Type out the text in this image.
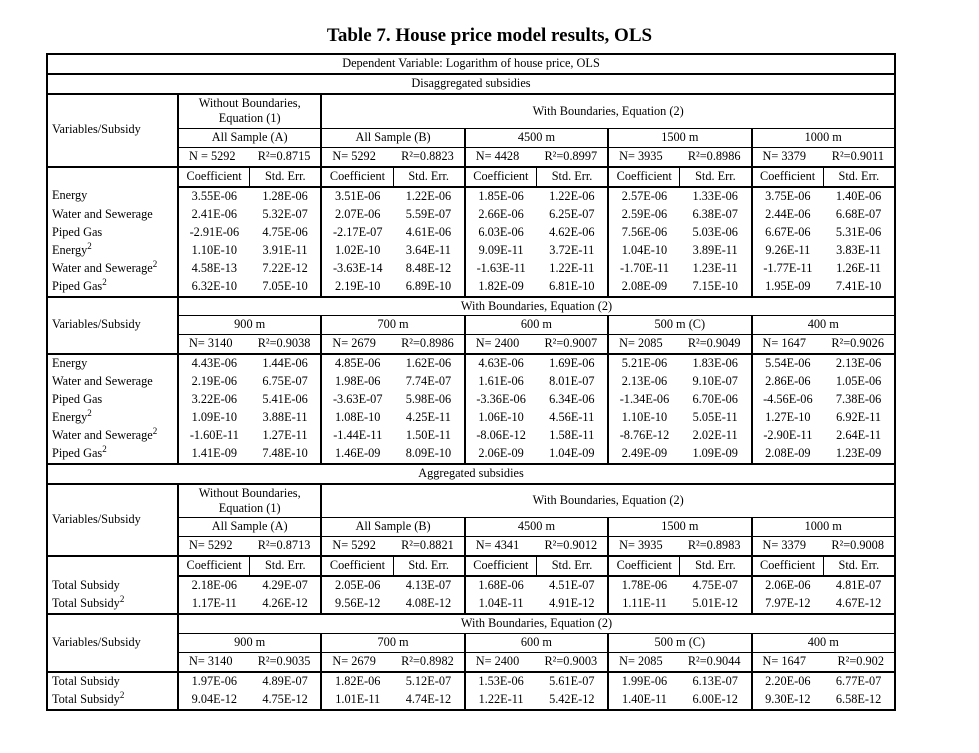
Table 7. House price model results, OLS
Dependent Variable: Logarithm of house price, OLS										
Disaggregated subsidies										
Variables/Subsidy	Without Boundaries, Equation (1)		With Boundaries, Equation (2)							
	All Sample (A)		All Sample (B)		4500 m		1500 m		1000 m	

	N = 5292 R²=0.8715		N= 5292 R²=0.8823		N= 4428 R²=0.8997		N= 3935 R²=0.8986		N= 3379 R²=0.9011	

	Coefficient	Std. Err.	Coefficient	Std. Err.	Coefficient	Std. Err.	Coefficient	Std. Err.	Coefficient	Std. Err.
Energy	3.55E-06	1.28E-06	3.51E-06	1.22E-06	1.85E-06	1.22E-06	2.57E-06	1.33E-06	3.75E-06	1.40E-06
Water and Sewerage	2.41E-06	5.32E-07	2.07E-06	5.59E-07	2.66E-06	6.25E-07	2.59E-06	6.38E-07	2.44E-06	6.68E-07
Piped Gas	-2.91E-06	4.75E-06	-2.17E-07	4.61E-06	6.03E-06	4.62E-06	7.56E-06	5.03E-06	6.67E-06	5.31E-06
Energy$^2$	1.10E-10	3.91E-11	1.02E-10	3.64E-11	9.09E-11	3.72E-11	1.04E-10	3.89E-11	9.26E-11	3.83E-11
Water and Sewerage$^2$	4.58E-13	7.22E-12	-3.63E-14	8.48E-12	-1.63E-11	1.22E-11	-1.70E-11	1.23E-11	-1.77E-11	1.26E-11
Piped Gas$^2$	6.32E-10	7.05E-10	2.19E-10	6.89E-10	1.82E-09	6.81E-10	2.08E-09	7.15E-10	1.95E-09	7.41E-10
Variables/Subsidy	With Boundaries, Equation (2)									
	900 m		700 m		600 m		500 m (C)		400 m	

	N= 3140 R²=0.9038		N= 2679 R²=0.8986		N= 2400 R²=0.9007		N= 2085 R²=0.9049		N= 1647 R²=0.9026	

Energy	4.43E-06	1.44E-06	4.85E-06	1.62E-06	4.63E-06	1.69E-06	5.21E-06	1.83E-06	5.54E-06	2.13E-06
Water and Sewerage	2.19E-06	6.75E-07	1.98E-06	7.74E-07	1.61E-06	8.01E-07	2.13E-06	9.10E-07	2.86E-06	1.05E-06
Piped Gas	3.22E-06	5.41E-06	-3.63E-07	5.98E-06	-3.36E-06	6.34E-06	-1.34E-06	6.70E-06	-4.56E-06	7.38E-06
Energy$^2$	1.09E-10	3.88E-11	1.08E-10	4.25E-11	1.06E-10	4.56E-11	1.10E-10	5.05E-11	1.27E-10	6.92E-11
Water and Sewerage$^2$	-1.60E-11	1.27E-11	-1.44E-11	1.50E-11	-8.06E-12	1.58E-11	-8.76E-12	2.02E-11	-2.90E-11	2.64E-11
Piped Gas$^2$	1.41E-09	7.48E-10	1.46E-09	8.09E-10	2.06E-09	1.04E-09	2.49E-09	1.09E-09	2.08E-09	1.23E-09
Aggregated subsidies										
Variables/Subsidy	Without Boundaries, Equation (1)		With Boundaries, Equation (2)							
	All Sample (A)		All Sample (B)		4500 m		1500 m		1000 m	

	N= 5292 R²=0.8713		N= 5292 R²=0.8821		N= 4341 R²=0.9012		N= 3935 R²=0.8983		N= 3379 R²=0.9008	

	Coefficient	Std. Err.	Coefficient	Std. Err.	Coefficient	Std. Err.	Coefficient	Std. Err.	Coefficient	Std. Err.
Total Subsidy	2.18E-06	4.29E-07	2.05E-06	4.13E-07	1.68E-06	4.51E-07	1.78E-06	4.75E-07	2.06E-06	4.81E-07
Total Subsidy$^2$	1.17E-11	4.26E-12	9.56E-12	4.08E-12	1.04E-11	4.91E-12	1.11E-11	5.01E-12	7.97E-12	4.67E-12
Variables/Subsidy	With Boundaries, Equation (2)									
	900 m		700 m		600 m		500 m (C)		400 m	

	N= 3140 R²=0.9035		N= 2679 R²=0.8982		N= 2400 R²=0.9003		N= 2085 R²=0.9044		N= 1647 R²=0.902	

Total Subsidy	1.97E-06	4.89E-07	1.82E-06	5.12E-07	1.53E-06	5.61E-07	1.99E-06	6.13E-07	2.20E-06	6.77E-07
Total Subsidy$^2$	9.04E-12	4.75E-12	1.01E-11	4.74E-12	1.22E-11	5.42E-12	1.40E-11	6.00E-12	9.30E-12	6.58E-12
